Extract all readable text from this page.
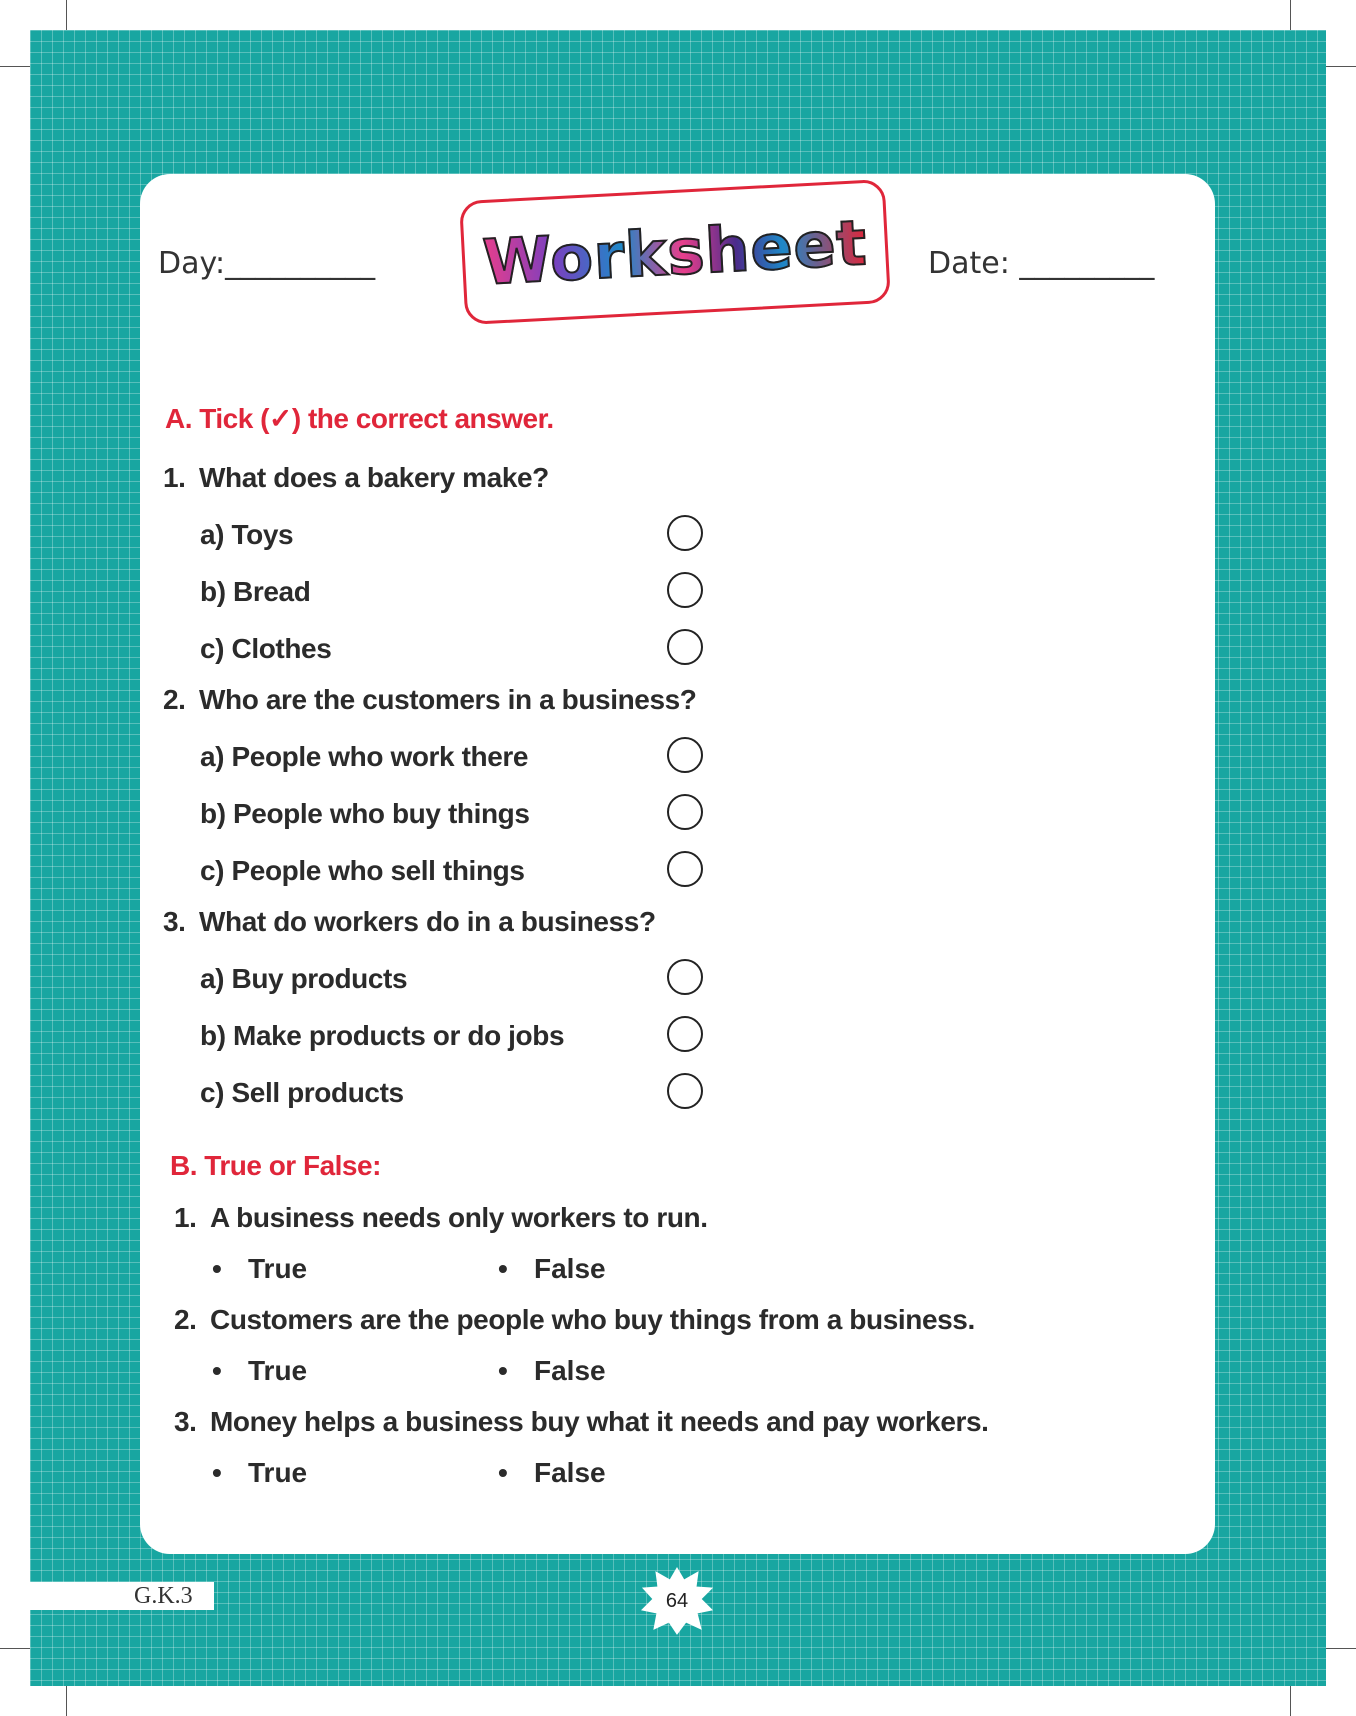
Day:__________ Worksheet Date: _________
A. Tick (✓) the correct answer.
1. What does a bakery make?
a) Toys
b) Bread
c) Clothes
2. Who are the customers in a business?
a) People who work there
b) People who buy things
c) People who sell things
3. What do workers do in a business?
a) Buy products
b) Make products or do jobs
c) Sell products
B. True or False:
1. A business needs only workers to run.
• True	• False
2. Customers are the people who buy things from a business.
• True	• False
3. Money helps a business buy what it needs and pay workers.
• True	• False
G.K.3	64
